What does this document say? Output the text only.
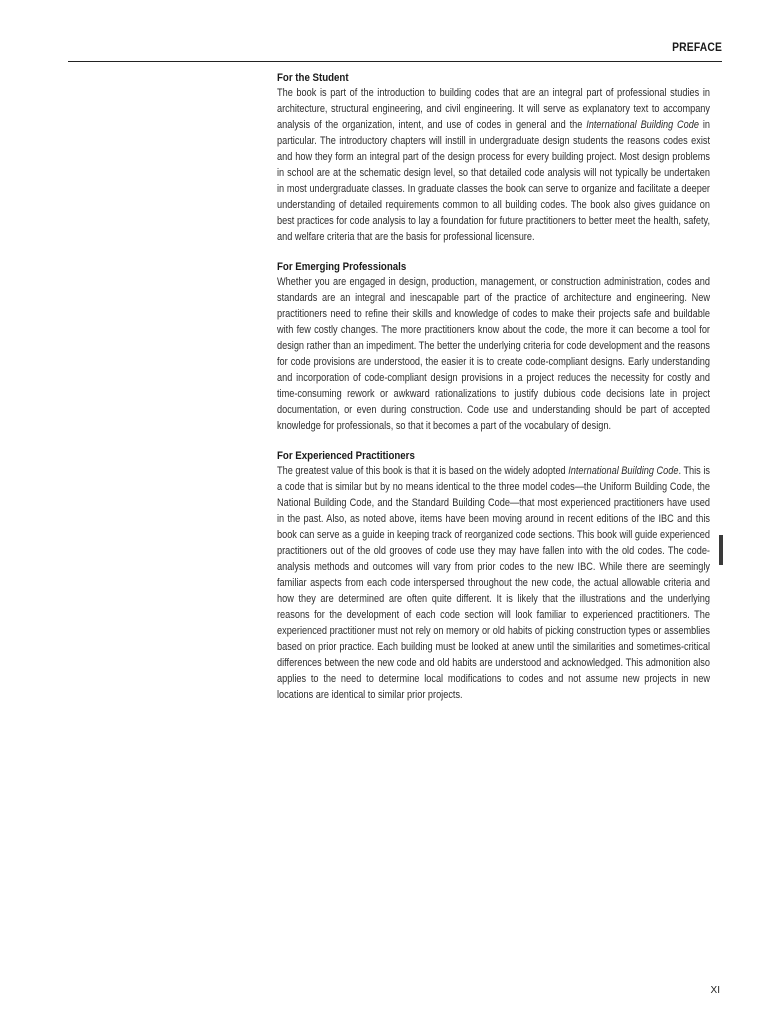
PREFACE

For the Student

The book is part of the introduction to building codes that are an integral part of professional studies in architecture, structural engineering, and civil engineering. It will serve as explanatory text to accompany analysis of the organization, intent, and use of codes in general and the International Building Code in particular. The introductory chapters will instill in undergraduate design students the reasons codes exist and how they form an integral part of the design process for every building project. Most design problems in school are at the schematic design level, so that detailed code analysis will not typically be undertaken in most undergraduate classes. In graduate classes the book can serve to organize and facilitate a deeper understanding of detailed requirements common to all building codes. The book also gives guidance on best practices for code analysis to lay a foundation for future practitioners to better meet the health, safety, and welfare criteria that are the basis for professional licensure.

For Emerging Professionals

Whether you are engaged in design, production, management, or construction administration, codes and standards are an integral and inescapable part of the practice of architecture and engineering. New practitioners need to refine their skills and knowledge of codes to make their projects safe and buildable with few costly changes. The more practitioners know about the code, the more it can become a tool for design rather than an impediment. The better the underlying criteria for code development and the reasons for code provisions are understood, the easier it is to create code-compliant designs. Early understanding and incorporation of code-compliant design provisions in a project reduces the necessity for costly and time-consuming rework or awkward rationalizations to justify dubious code decisions late in project documentation, or even during construction. Code use and understanding should be part of accepted knowledge for professionals, so that it becomes a part of the vocabulary of design.

For Experienced Practitioners

The greatest value of this book is that it is based on the widely adopted International Building Code. This is a code that is similar but by no means identical to the three model codes—the Uniform Building Code, the National Building Code, and the Standard Building Code—that most experienced practitioners have used in the past. Also, as noted above, items have been moving around in recent editions of the IBC and this book can serve as a guide in keeping track of reorganized code sections. This book will guide experienced practitioners out of the old grooves of code use they may have fallen into with the old codes. The code-analysis methods and outcomes will vary from prior codes to the new IBC. While there are seemingly familiar aspects from each code interspersed throughout the new code, the actual allowable criteria and how they are determined are often quite different. It is likely that the illustrations and the underlying reasons for the development of each code section will look familiar to experienced practitioners. The experienced practitioner must not rely on memory or old habits of picking construction types or assemblies based on prior practice. Each building must be looked at anew until the similarities and sometimes-critical differences between the new code and old habits are understood and acknowledged. This admonition also applies to the need to determine local modifications to codes and not assume new projects in new locations are identical to similar prior projects.

XI
